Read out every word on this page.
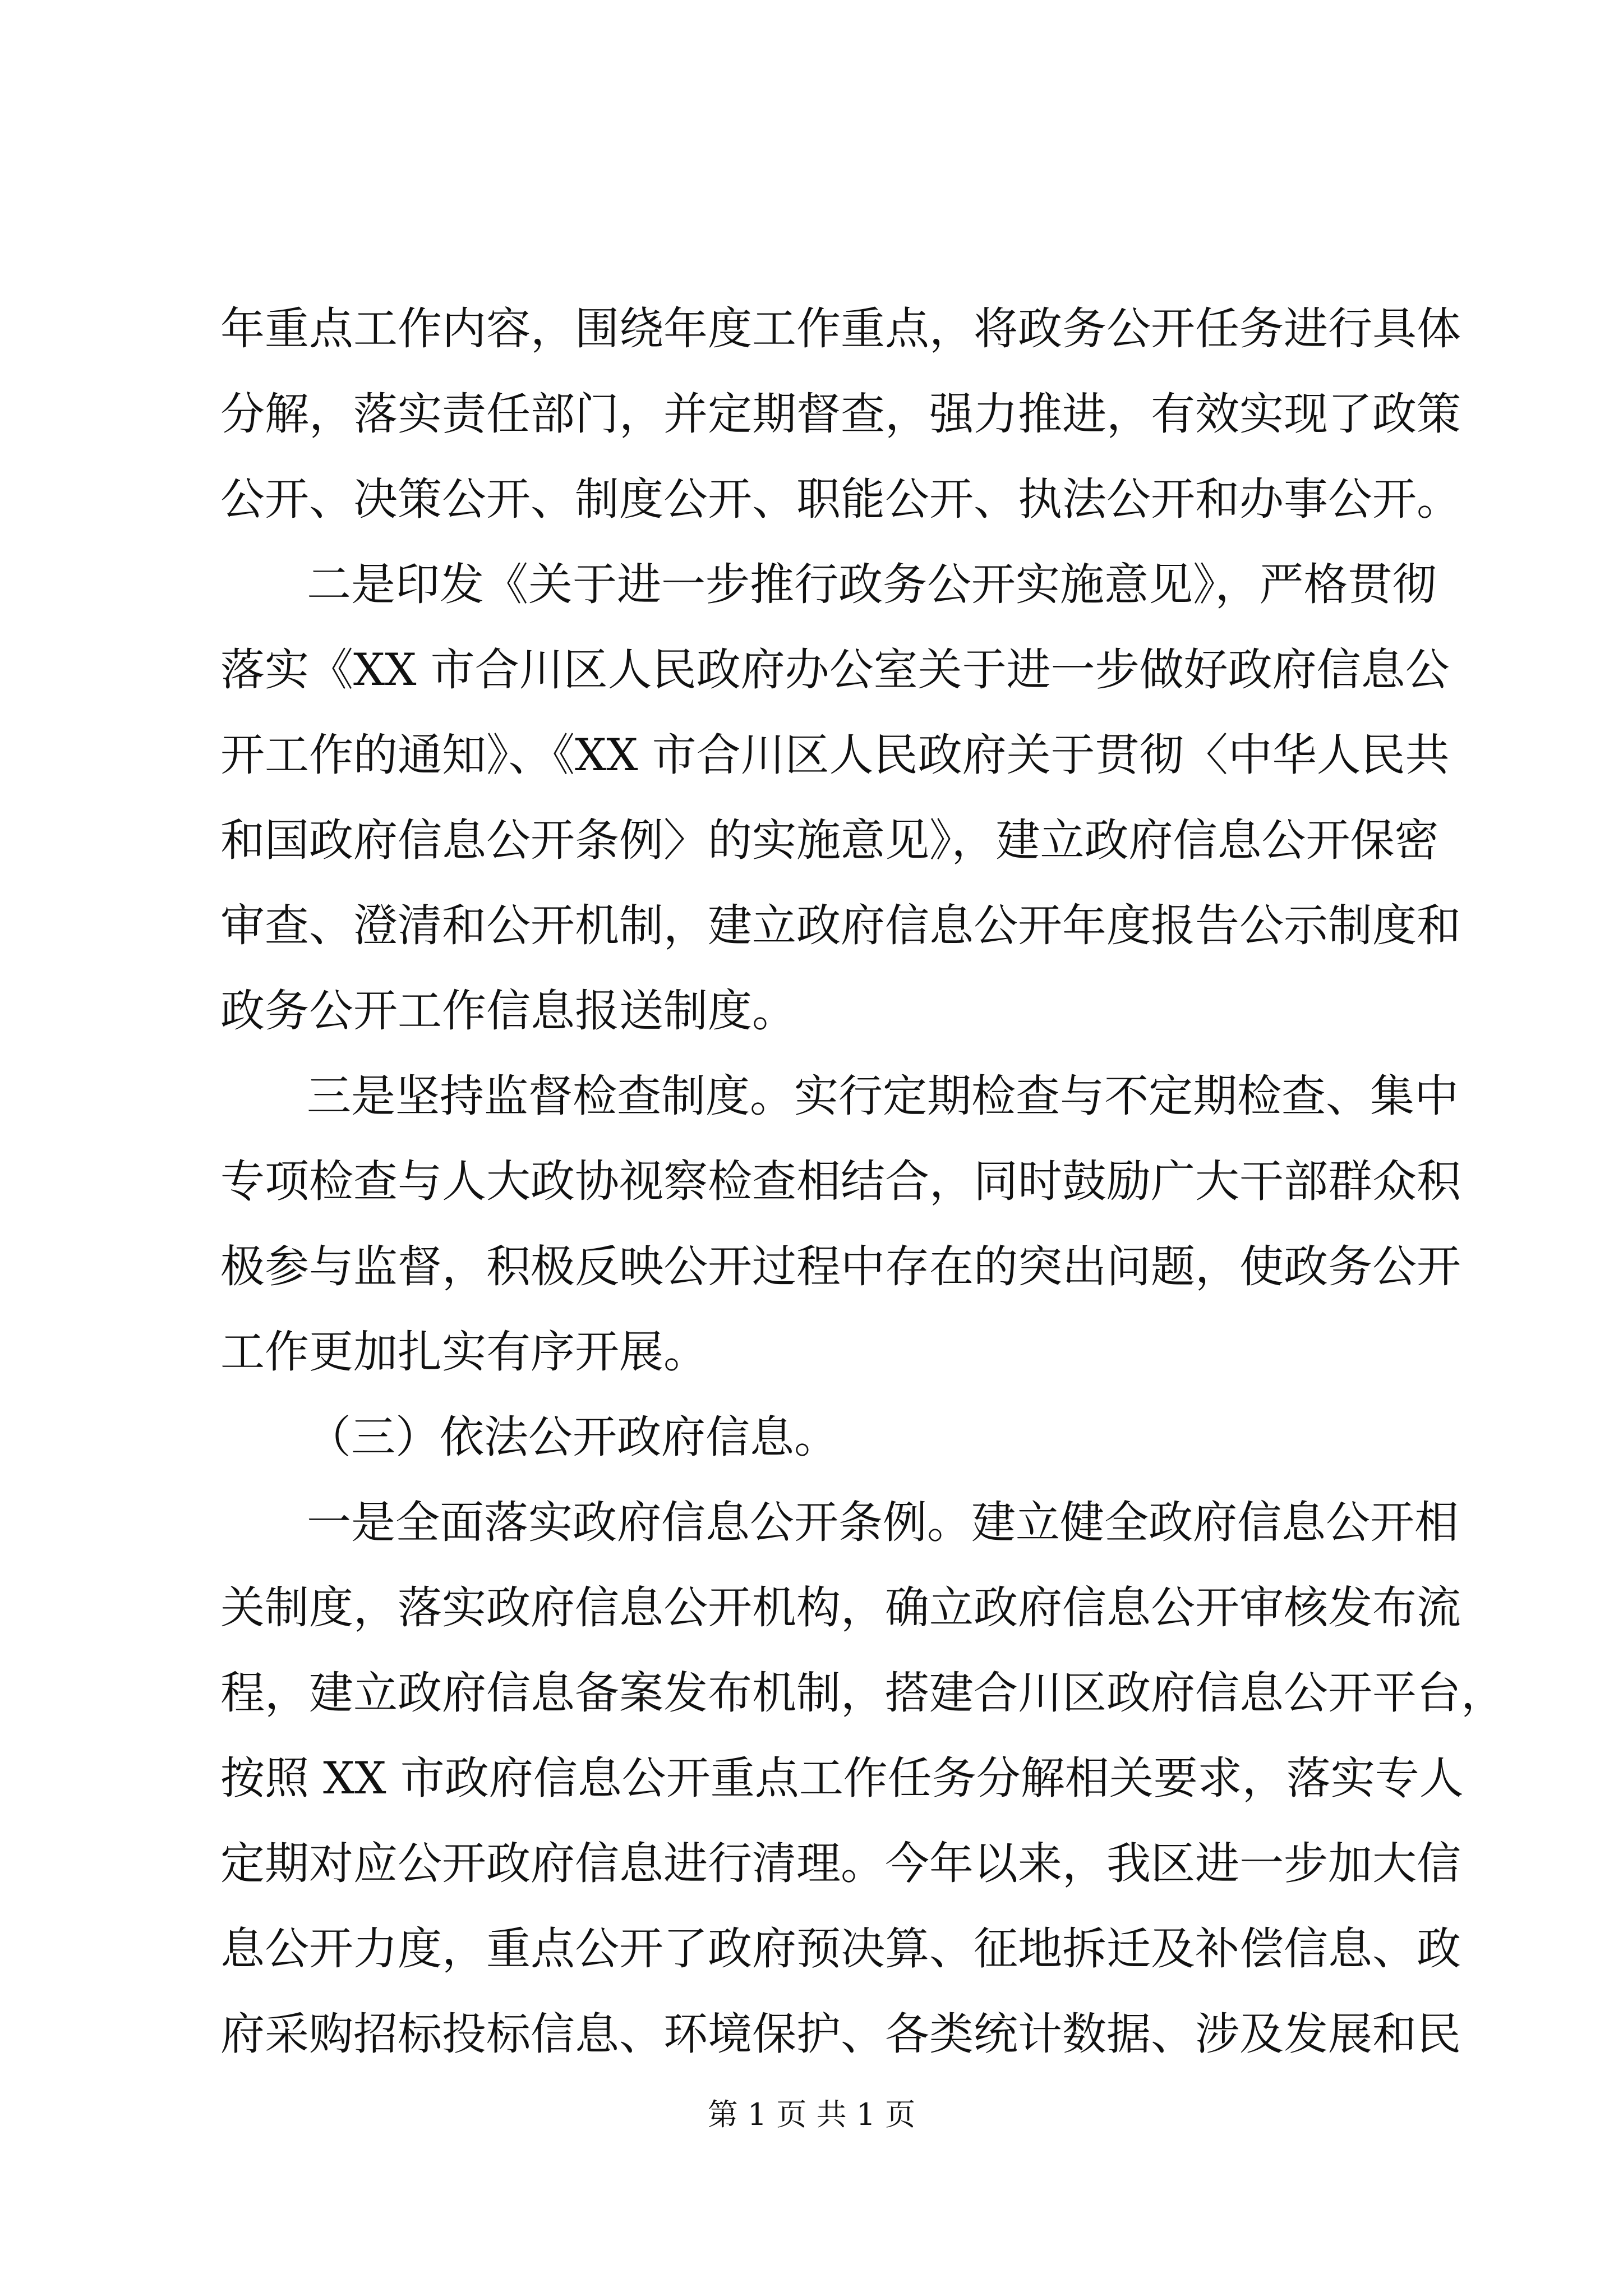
年重点工作内容，围绕年度工作重点，将政务公开任务进行具体
分解，落实责任部门，并定期督查，强力推进，有效实现了政策
公开、决策公开、制度公开、职能公开、执法公开和办事公开。
二是印发《关于进一步推行政务公开实施意见》，严格贯彻
落实《XX 市合川区人民政府办公室关于进一步做好政府信息公
开工作的通知》、《XX 市合川区人民政府关于贯彻〈中华人民共
和国政府信息公开条例〉的实施意见》，建立政府信息公开保密
审查、澄清和公开机制，建立政府信息公开年度报告公示制度和
政务公开工作信息报送制度。
三是坚持监督检查制度。实行定期检查与不定期检查、集中
专项检查与人大政协视察检查相结合，同时鼓励广大干部群众积
极参与监督，积极反映公开过程中存在的突出问题，使政务公开
工作更加扎实有序开展。
（三）依法公开政府信息。
一是全面落实政府信息公开条例。建立健全政府信息公开相
关制度，落实政府信息公开机构，确立政府信息公开审核发布流
程，建立政府信息备案发布机制，搭建合川区政府信息公开平台，
按照 XX 市政府信息公开重点工作任务分解相关要求，落实专人
定期对应公开政府信息进行清理。今年以来，我区进一步加大信
息公开力度，重点公开了政府预决算、征地拆迁及补偿信息、政
府采购招标投标信息、环境保护、各类统计数据、涉及发展和民
第 1 页 共 1 页
